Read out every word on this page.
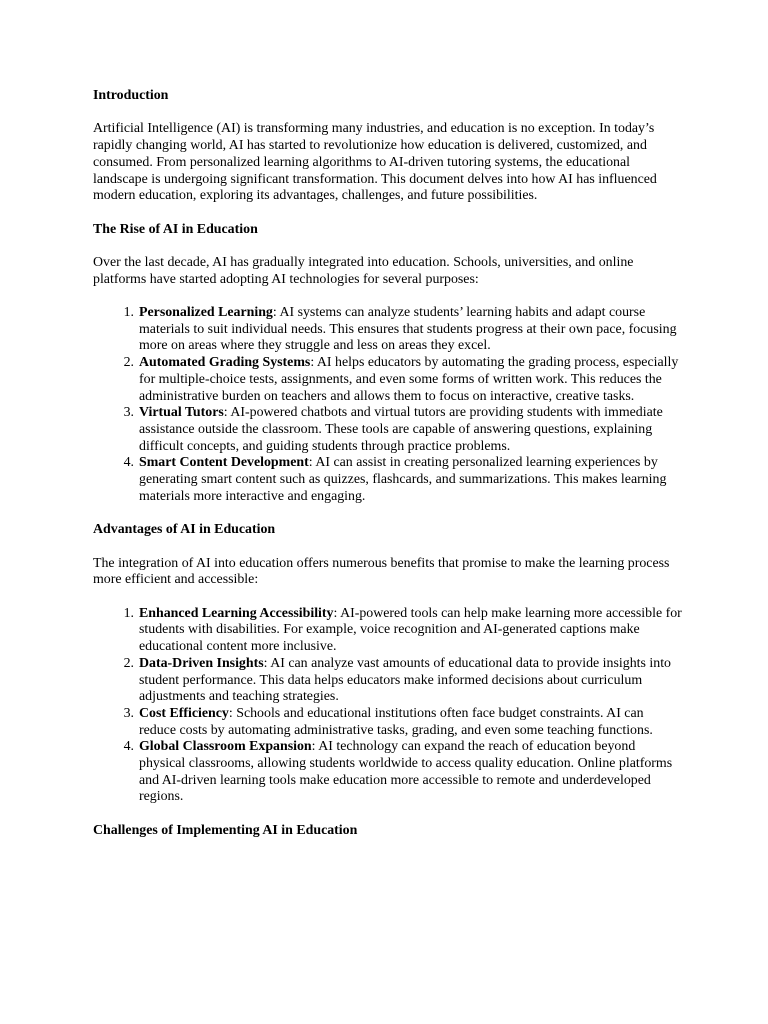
Introduction

Artificial Intelligence (AI) is transforming many industries, and education is no exception. In today’s rapidly changing world, AI has started to revolutionize how education is delivered, customized, and consumed. From personalized learning algorithms to AI-driven tutoring systems, the educational landscape is undergoing significant transformation. This document delves into how AI has influenced modern education, exploring its advantages, challenges, and future possibilities.

The Rise of AI in Education

Over the last decade, AI has gradually integrated into education. Schools, universities, and online platforms have started adopting AI technologies for several purposes:

1. Personalized Learning: AI systems can analyze students’ learning habits and adapt course materials to suit individual needs. This ensures that students progress at their own pace, focusing more on areas where they struggle and less on areas they excel.
2. Automated Grading Systems: AI helps educators by automating the grading process, especially for multiple-choice tests, assignments, and even some forms of written work. This reduces the administrative burden on teachers and allows them to focus on interactive, creative tasks.
3. Virtual Tutors: AI-powered chatbots and virtual tutors are providing students with immediate assistance outside the classroom. These tools are capable of answering questions, explaining difficult concepts, and guiding students through practice problems.
4. Smart Content Development: AI can assist in creating personalized learning experiences by generating smart content such as quizzes, flashcards, and summarizations. This makes learning materials more interactive and engaging.
Advantages of AI in Education

The integration of AI into education offers numerous benefits that promise to make the learning process more efficient and accessible:

1. Enhanced Learning Accessibility: AI-powered tools can help make learning more accessible for students with disabilities. For example, voice recognition and AI-generated captions make educational content more inclusive.
2. Data-Driven Insights: AI can analyze vast amounts of educational data to provide insights into student performance. This data helps educators make informed decisions about curriculum adjustments and teaching strategies.
3. Cost Efficiency: Schools and educational institutions often face budget constraints. AI can reduce costs by automating administrative tasks, grading, and even some teaching functions.
4. Global Classroom Expansion: AI technology can expand the reach of education beyond physical classrooms, allowing students worldwide to access quality education. Online platforms and AI-driven learning tools make education more accessible to remote and underdeveloped regions.
Challenges of Implementing AI in Education
